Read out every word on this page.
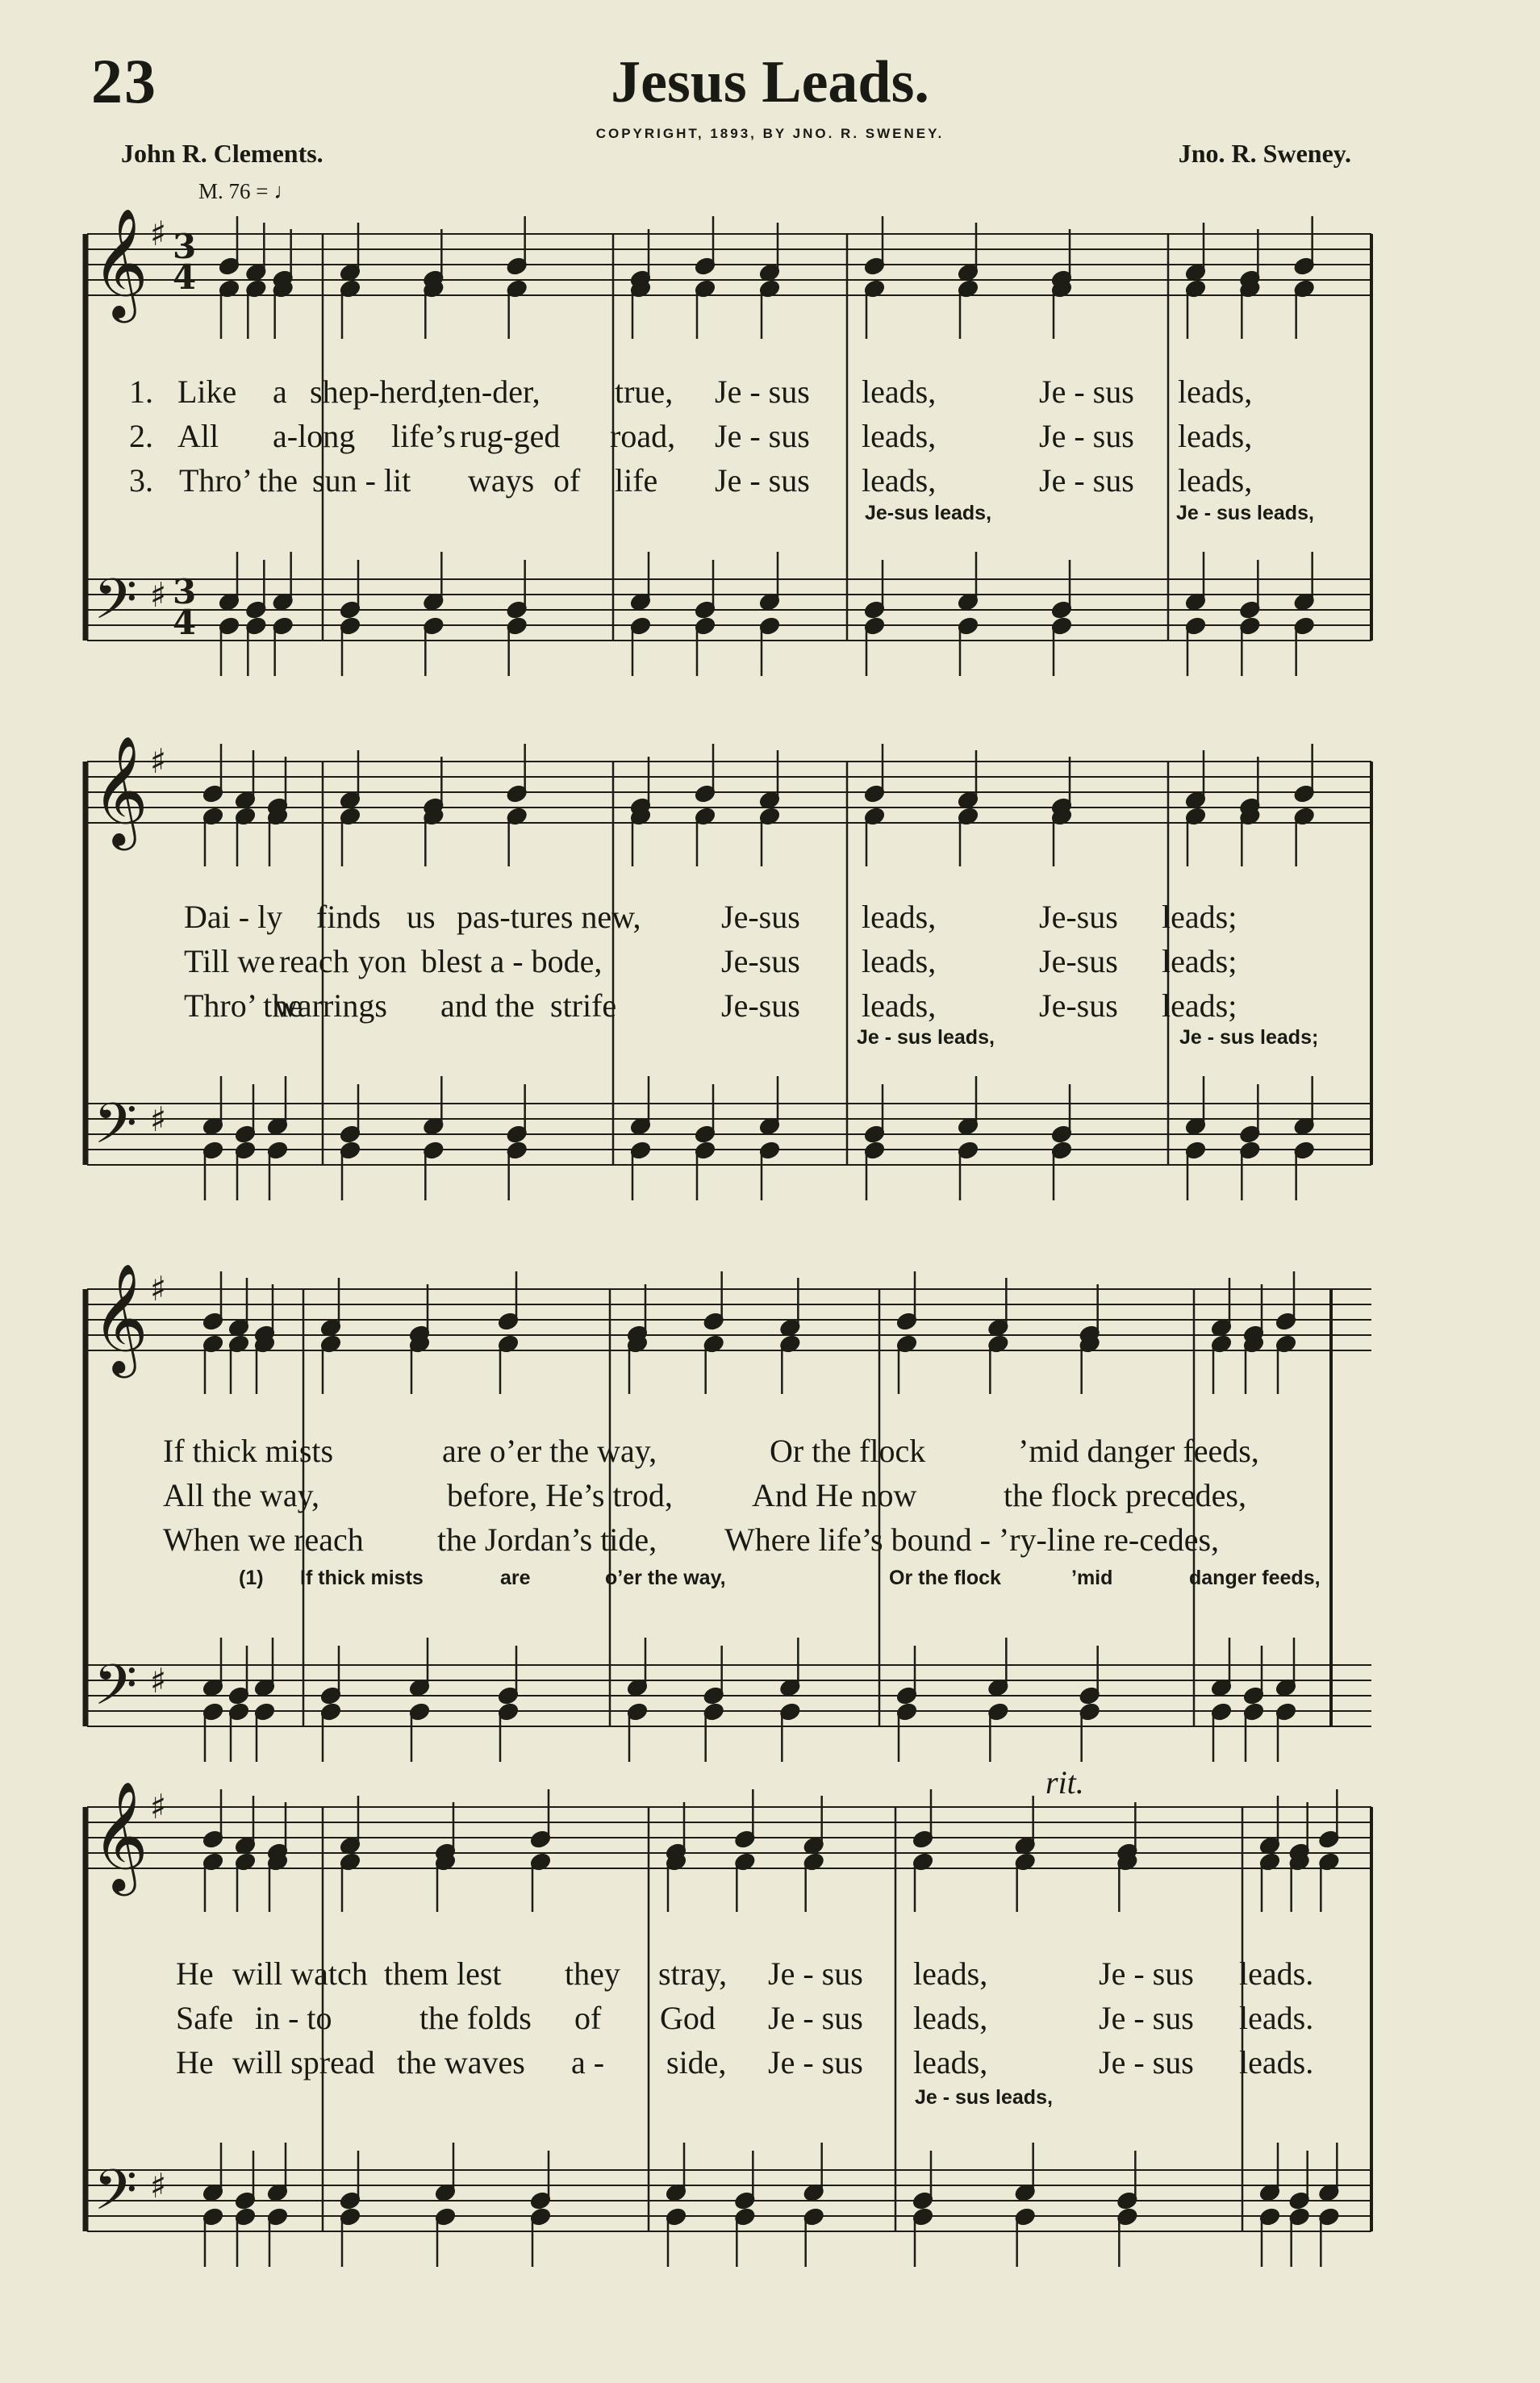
23	Jesus Leads.
COPYRIGHT, 1893, BY JNO. R. SWENEY.
John R. Clements.	Jno. R. Sweney.
M. 76 = ♩
𝄞
𝄢
♯
♯
3
4
3
4
1. Like a shep-herd,
ten-der, true, Je - sus leads,	Je - sus leads,
2. All a-long life’s rug-ged road, Je - sus leads,	Je - sus leads,
3. Thro’ the sun - lit ways of life Je - sus leads,	Je - sus leads,
Je-sus leads,	Je - sus leads,
𝄞
𝄢
♯
♯
Dai - ly finds us pas-tures new, Je-sus leads,	Je-sus leads;
Till we reach yon blest a - bode,	Je-sus leads,	Je-sus leads;
Thro’ the
warrings and the strife	Je-sus leads,	Je-sus leads;
Je - sus leads,	Je - sus leads;
𝄞
𝄢
♯
♯
If thick mists	are o’er the way,	Or the flock	’mid danger feeds,
All the way,	before, He’s trod, And He now	the flock precedes,
When we reach the Jordan’s tide, Where life’s bound - ’ry-line re-cedes,
(1) If thick mists	are	o’er the way,	Or the flock	’mid	danger feeds,
𝄞
𝄢
♯
♯
rit.
He will watch them lest they stray, Je - sus leads,	Je - sus leads.
Safe in - to	the folds of God Je - sus leads,	Je - sus leads.
He will spread the waves a - side, Je - sus leads,	Je - sus leads.
Je - sus leads,
